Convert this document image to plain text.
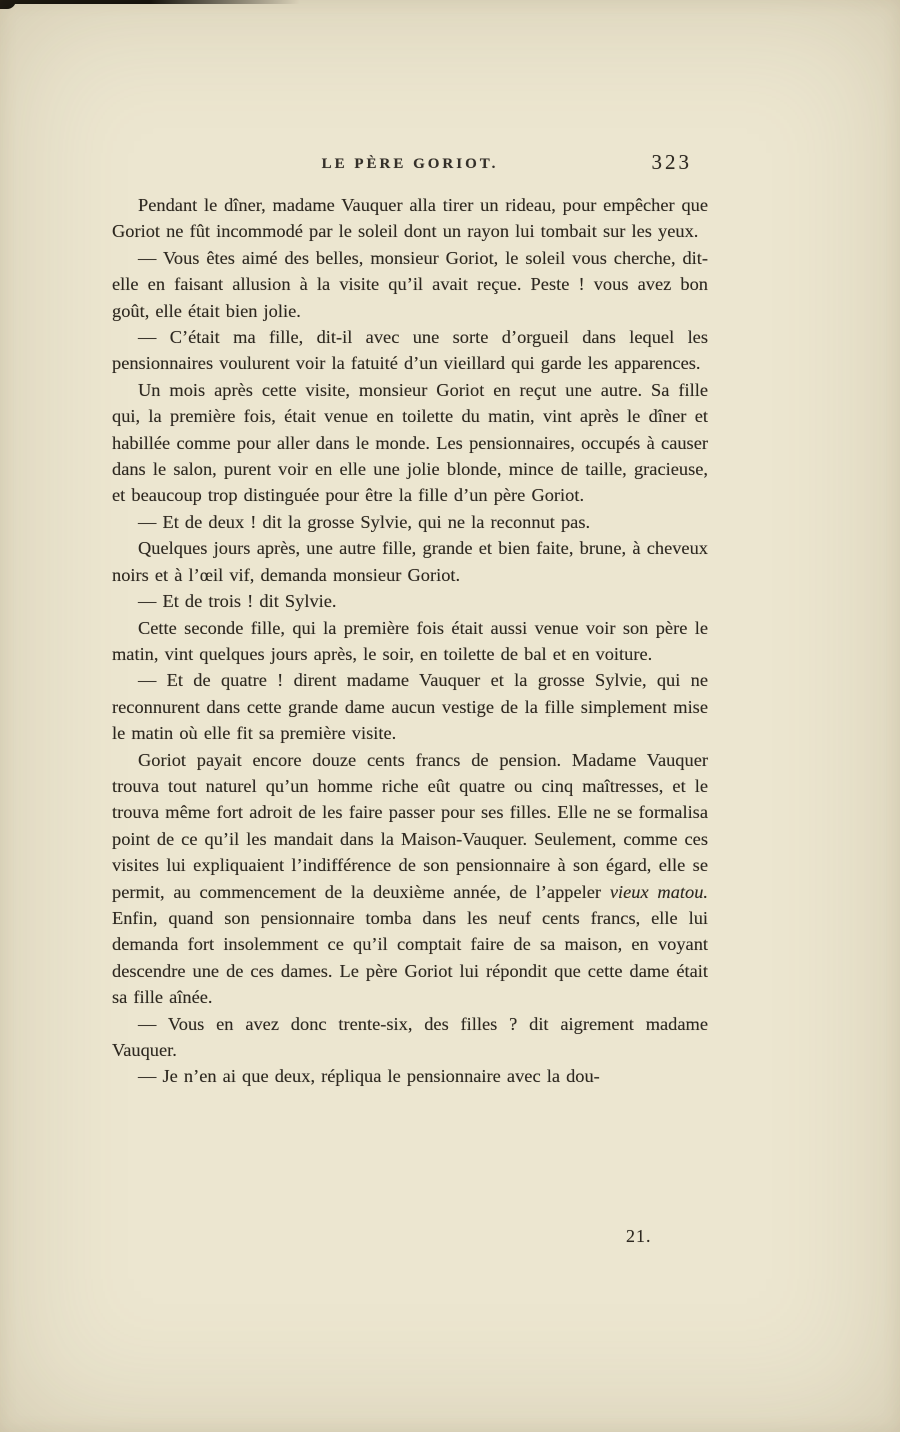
LE PÈRE GORIOT.	323

Pendant le dîner, madame Vauquer alla tirer un rideau, pour empêcher que Goriot ne fût incommodé par le soleil dont un rayon lui tombait sur les yeux.

— Vous êtes aimé des belles, monsieur Goriot, le soleil vous cherche, dit-elle en faisant allusion à la visite qu’il avait reçue. Peste ! vous avez bon goût, elle était bien jolie.

— C’était ma fille, dit-il avec une sorte d’orgueil dans lequel les pensionnaires voulurent voir la fatuité d’un vieillard qui garde les apparences.

Un mois après cette visite, monsieur Goriot en reçut une autre. Sa fille qui, la première fois, était venue en toilette du matin, vint après le dîner et habillée comme pour aller dans le monde. Les pensionnaires, occupés à causer dans le salon, purent voir en elle une jolie blonde, mince de taille, gracieuse, et beaucoup trop distinguée pour être la fille d’un père Goriot.

— Et de deux ! dit la grosse Sylvie, qui ne la reconnut pas.

Quelques jours après, une autre fille, grande et bien faite, brune, à cheveux noirs et à l’œil vif, demanda monsieur Goriot.

— Et de trois ! dit Sylvie.

Cette seconde fille, qui la première fois était aussi venue voir son père le matin, vint quelques jours après, le soir, en toilette de bal et en voiture.

— Et de quatre ! dirent madame Vauquer et la grosse Sylvie, qui ne reconnurent dans cette grande dame aucun vestige de la fille simplement mise le matin où elle fit sa première visite.

Goriot payait encore douze cents francs de pension. Madame Vauquer trouva tout naturel qu’un homme riche eût quatre ou cinq maîtresses, et le trouva même fort adroit de les faire passer pour ses filles. Elle ne se formalisa point de ce qu’il les mandait dans la Maison-Vauquer. Seulement, comme ces visites lui expliquaient l’indifférence de son pensionnaire à son égard, elle se permit, au commencement de la deuxième année, de l’appeler vieux matou. Enfin, quand son pensionnaire tomba dans les neuf cents francs, elle lui demanda fort insolemment ce qu’il comptait faire de sa maison, en voyant descendre une de ces dames. Le père Goriot lui répondit que cette dame était sa fille aînée.

— Vous en avez donc trente-six, des filles ? dit aigrement madame Vauquer.

— Je n’en ai que deux, répliqua le pensionnaire avec la dou-

21.
